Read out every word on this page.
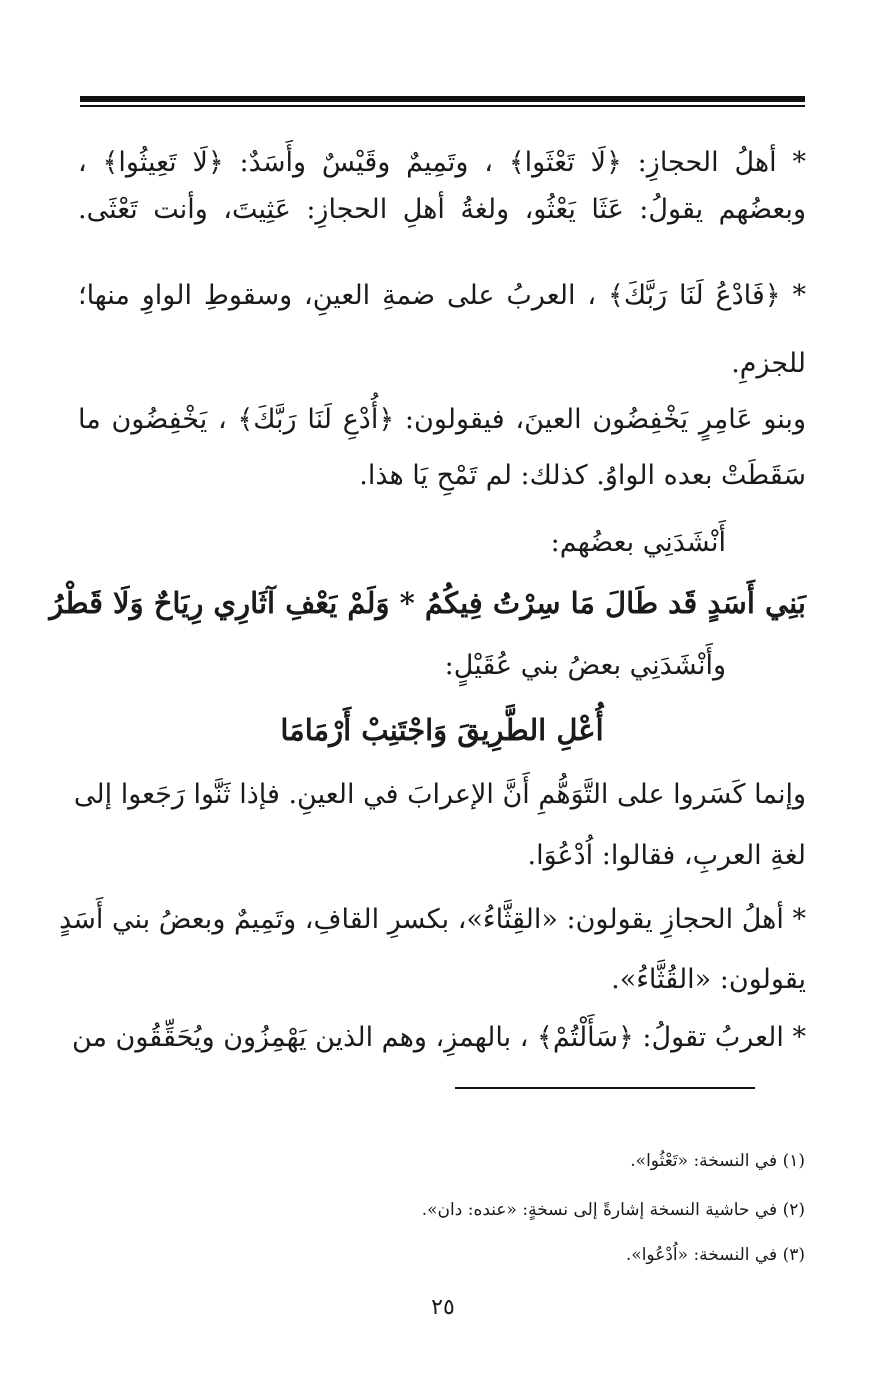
* أهلُ الحجازِ: ﴿لَا تَعْثَوا﴾ ، وتَمِيمٌ وقَيْسٌ وأَسَدٌ: ﴿لَا تَعِيثُوا﴾ ،
وبعضُهم يقولُ: عَثَا يَعْثُو، ولغةُ أهلِ الحجازِ: عَثِيتَ، وأنت تَعْثَى.
* ﴿فَادْعُ لَنَا رَبَّكَ﴾ ، العربُ على ضمةِ العينِ، وسقوطِ الواوِ منها؛
للجزمِ.
وبنو عَامِرٍ يَخْفِضُون العينَ، فيقولون: ﴿أُدْعِ لَنَا رَبَّكَ﴾ ، يَخْفِضُون ما
سَقَطَتْ بعده الواوُ. كذلك: لم تَمْحِ يَا هذا.
أَنْشَدَنِي بعضُهم:
بَنِي أَسَدٍ قَد طَالَ مَا سِرْتُ فِيكُمُ * وَلَمْ يَعْفِ آثَارِي رِيَاحٌ وَلَا قَطْرُ
وأَنْشَدَنِي بعضُ بني عُقَيْلٍ:
أُعْلِ الطَّرِيقَ وَاجْتَنِبْ أَرْمَامَا
وإنما كَسَروا على التَّوَهُّمِ أَنَّ الإعرابَ في العينِ. فإذا ثَنَّوا رَجَعوا إلى
لغةِ العربِ، فقالوا: اُدْعُوَا.
* أهلُ الحجازِ يقولون: «القِثَّاءُ»، بكسرِ القافِ، وتَمِيمٌ وبعضُ بني أَسَدٍ
يقولون: «القُثَّاءُ».
* العربُ تقولُ: ﴿سَأَلْتُمْ﴾ ، بالهمزِ، وهم الذين يَهْمِزُون ويُحَقِّقُون من
(١) في النسخة: «تَعْثُوا».
(٢) في حاشية النسخة إشارةً إلى نسخةٍ: «عنده: دان».
(٣) في النسخة: «اُدْعُوا».
٢٥
